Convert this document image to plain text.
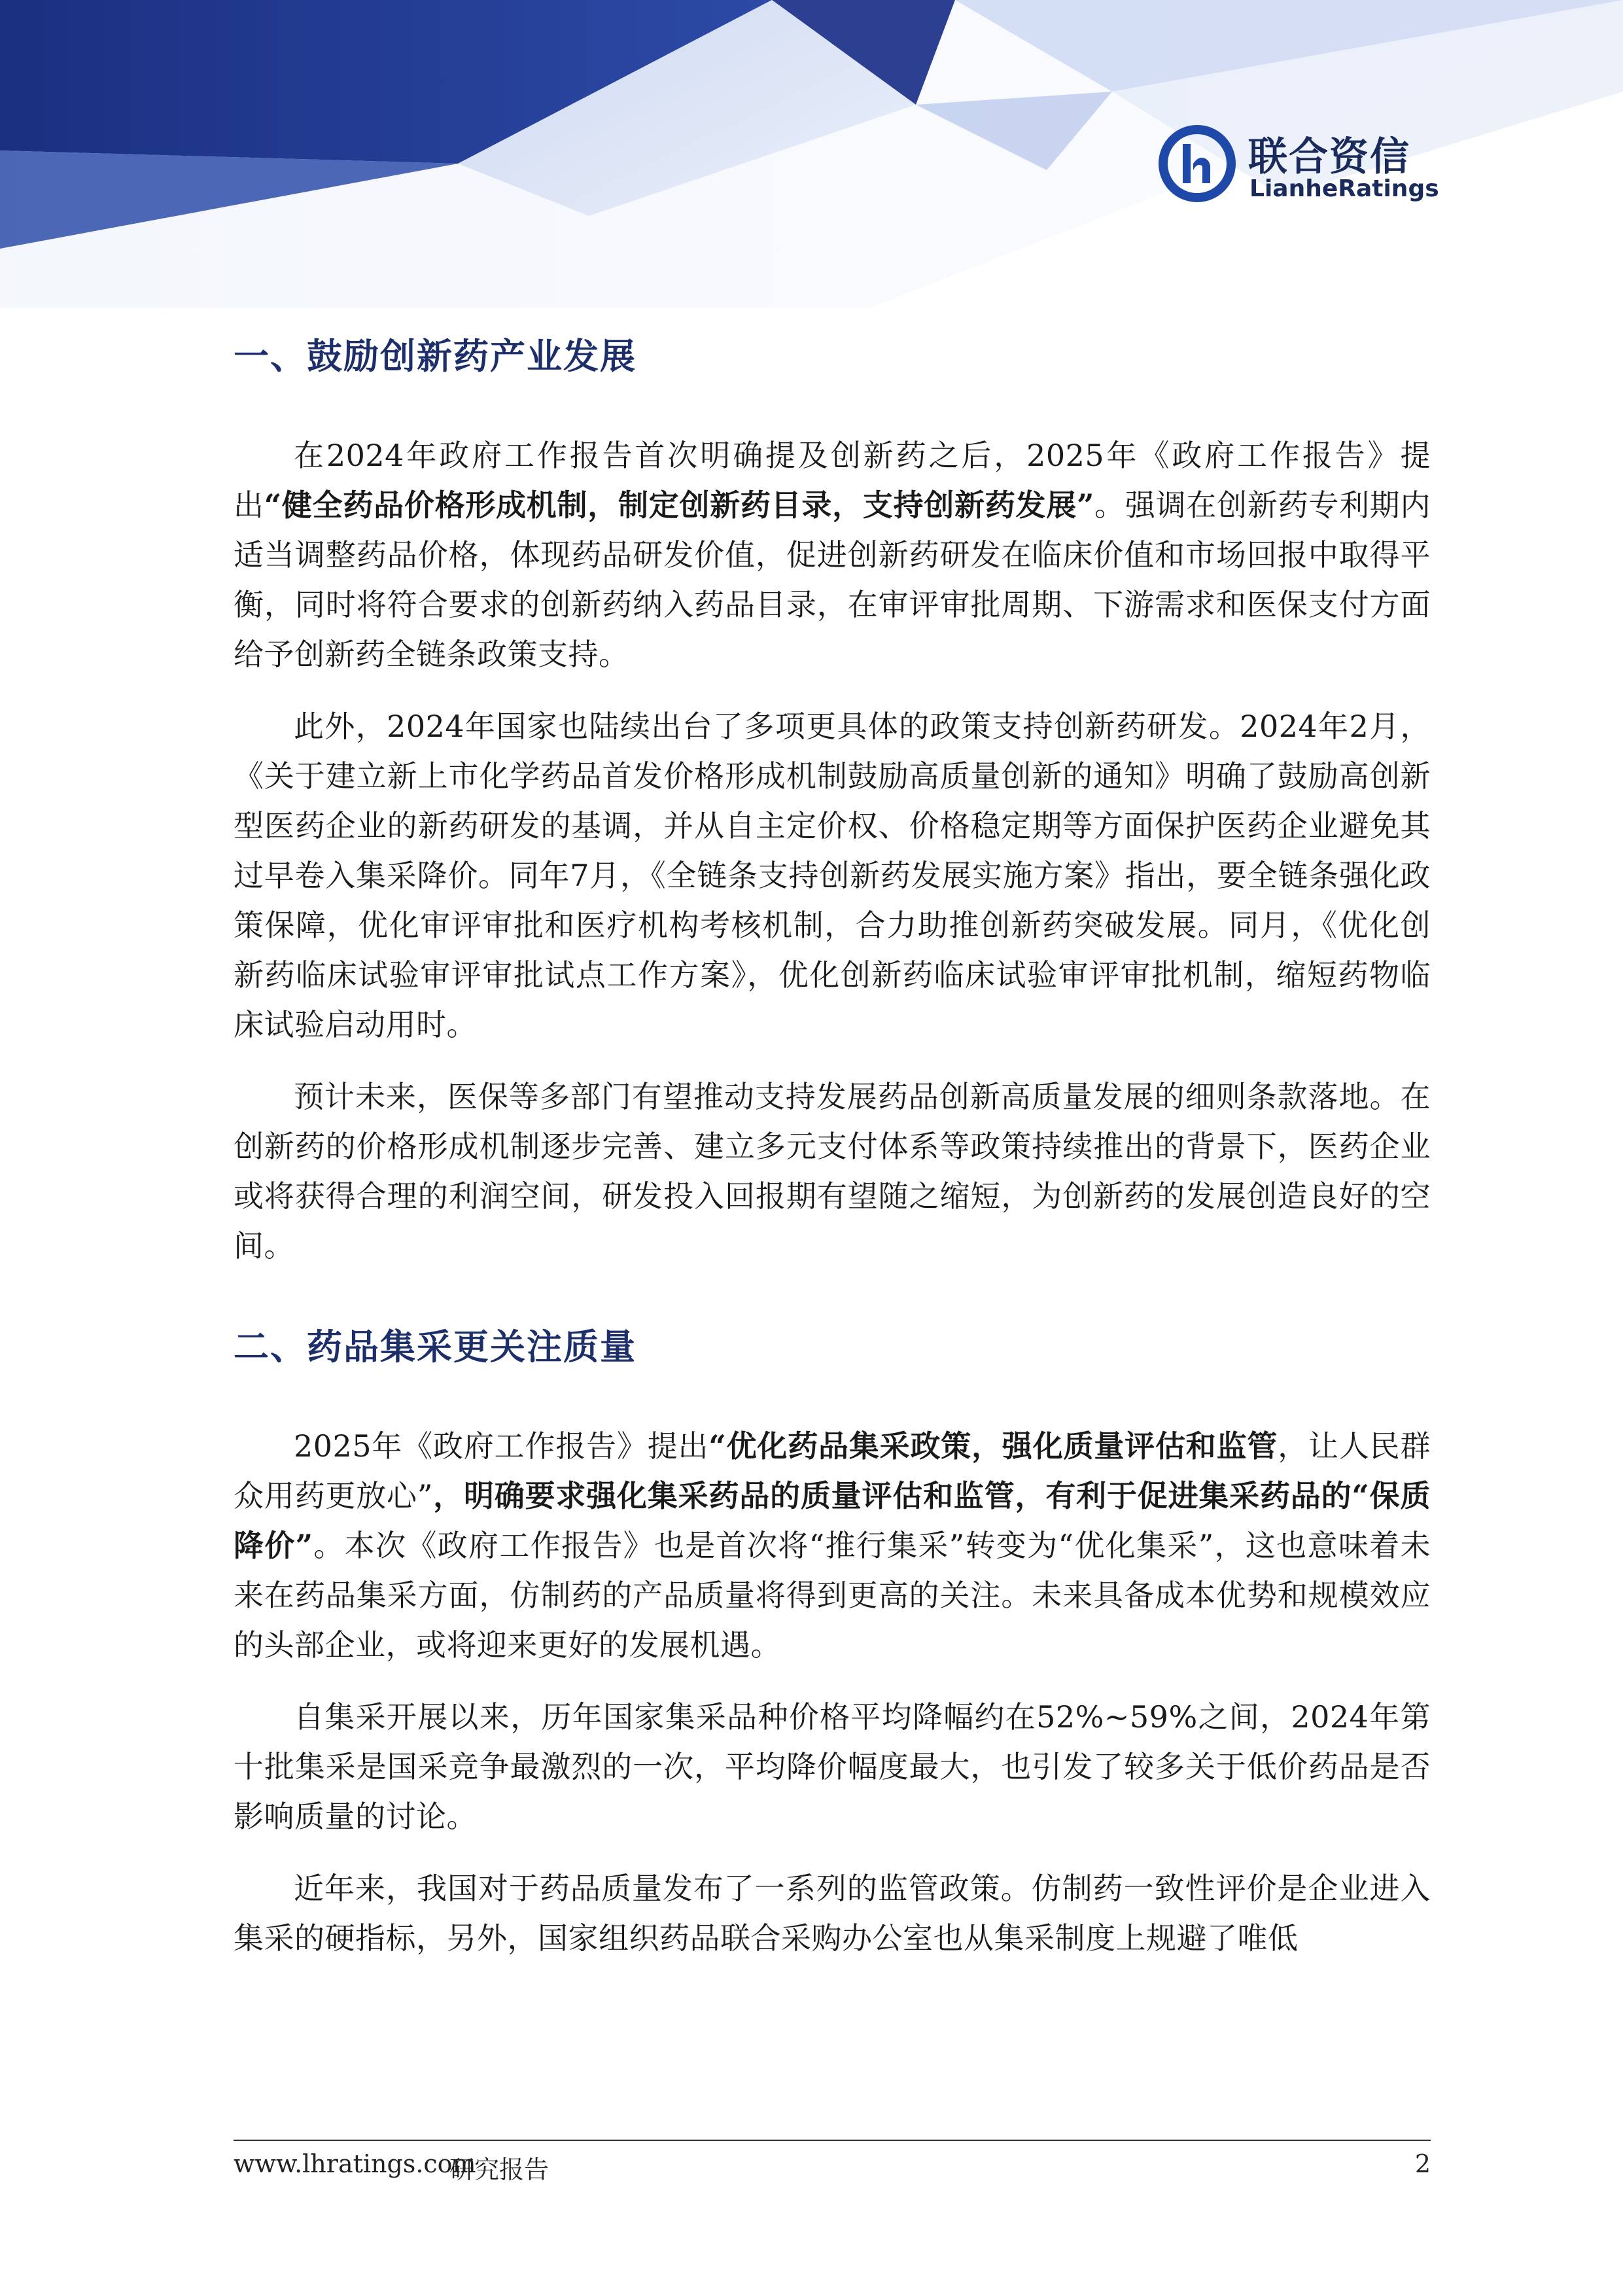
联合资信
LianheRatings
一、鼓励创新药产业发展

在2024年政府工作报告首次明确提及创新药之后，2025年《政府工作报告》提出“健全药品价格形成机制，制定创新药目录，支持创新药发展”。强调在创新药专利期内适当调整药品价格，体现药品研发价值，促进创新药研发在临床价值和市场回报中取得平衡，同时将符合要求的创新药纳入药品目录，在审评审批周期、下游需求和医保支付方面给予创新药全链条政策支持。

此外，2024年国家也陆续出台了多项更具体的政策支持创新药研发。2024年2月，《关于建立新上市化学药品首发价格形成机制鼓励高质量创新的通知》明确了鼓励高创新型医药企业的新药研发的基调，并从自主定价权、价格稳定期等方面保护医药企业避免其过早卷入集采降价。同年7月，《全链条支持创新药发展实施方案》指出，要全链条强化政策保障，优化审评审批和医疗机构考核机制，合力助推创新药突破发展。同月，《优化创新药临床试验审评审批试点工作方案》，优化创新药临床试验审评审批机制，缩短药物临床试验启动用时。

预计未来，医保等多部门有望推动支持发展药品创新高质量发展的细则条款落地。在创新药的价格形成机制逐步完善、建立多元支付体系等政策持续推出的背景下，医药企业或将获得合理的利润空间，研发投入回报期有望随之缩短，为创新药的发展创造良好的空间。

二、药品集采更关注质量

2025年《政府工作报告》提出“优化药品集采政策，强化质量评估和监管，让人民群众用药更放心”，明确要求强化集采药品的质量评估和监管，有利于促进集采药品的“保质降价”。本次《政府工作报告》也是首次将“推行集采”转变为“优化集采”，这也意味着未来在药品集采方面，仿制药的产品质量将得到更高的关注。未来具备成本优势和规模效应的头部企业，或将迎来更好的发展机遇。

自集采开展以来，历年国家集采品种价格平均降幅约在52%~59%之间，2024年第十批集采是国采竞争最激烈的一次，平均降价幅度最大，也引发了较多关于低价药品是否影响质量的讨论。

近年来，我国对于药品质量发布了一系列的监管政策。仿制药一致性评价是企业进入集采的硬指标，另外，国家组织药品联合采购办公室也从集采制度上规避了唯低

www.lhratings.com
研究报告	2
